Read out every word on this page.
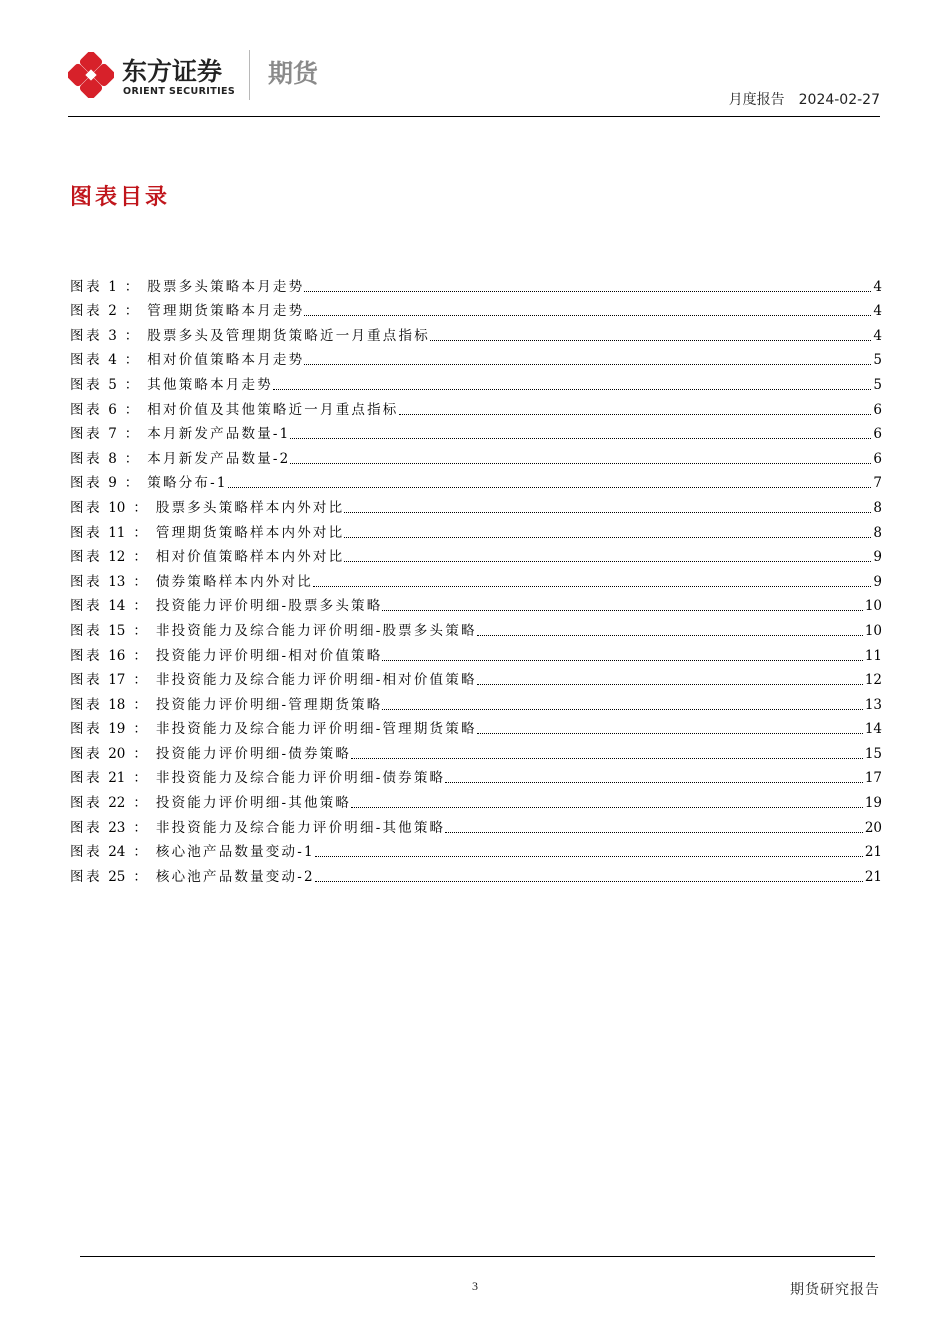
东方证券
ORIENT SECURITIES
期货
月度报告 2024-02-27
图表目录
图表 1 ： 股票多头策略本月走势	4
图表 2 ： 管理期货策略本月走势	4
图表 3 ： 股票多头及管理期货策略近一月重点指标	4
图表 4 ： 相对价值策略本月走势	5
图表 5 ： 其他策略本月走势	5
图表 6 ： 相对价值及其他策略近一月重点指标	6
图表 7 ： 本月新发产品数量-1	6
图表 8 ： 本月新发产品数量-2	6
图表 9 ： 策略分布-1	7
图表 10 ： 股票多头策略样本内外对比	8
图表 11 ： 管理期货策略样本内外对比	8
图表 12 ： 相对价值策略样本内外对比	9
图表 13 ： 债券策略样本内外对比	9
图表 14 ： 投资能力评价明细-股票多头策略	10
图表 15 ： 非投资能力及综合能力评价明细-股票多头策略	10
图表 16 ： 投资能力评价明细-相对价值策略	11
图表 17 ： 非投资能力及综合能力评价明细-相对价值策略	12
图表 18 ： 投资能力评价明细-管理期货策略	13
图表 19 ： 非投资能力及综合能力评价明细-管理期货策略	14
图表 20 ： 投资能力评价明细-债券策略	15
图表 21 ： 非投资能力及综合能力评价明细-债券策略	17
图表 22 ： 投资能力评价明细-其他策略	19
图表 23 ： 非投资能力及综合能力评价明细-其他策略	20
图表 24 ： 核心池产品数量变动-1	21
图表 25 ： 核心池产品数量变动-2	21
3	期货研究报告
